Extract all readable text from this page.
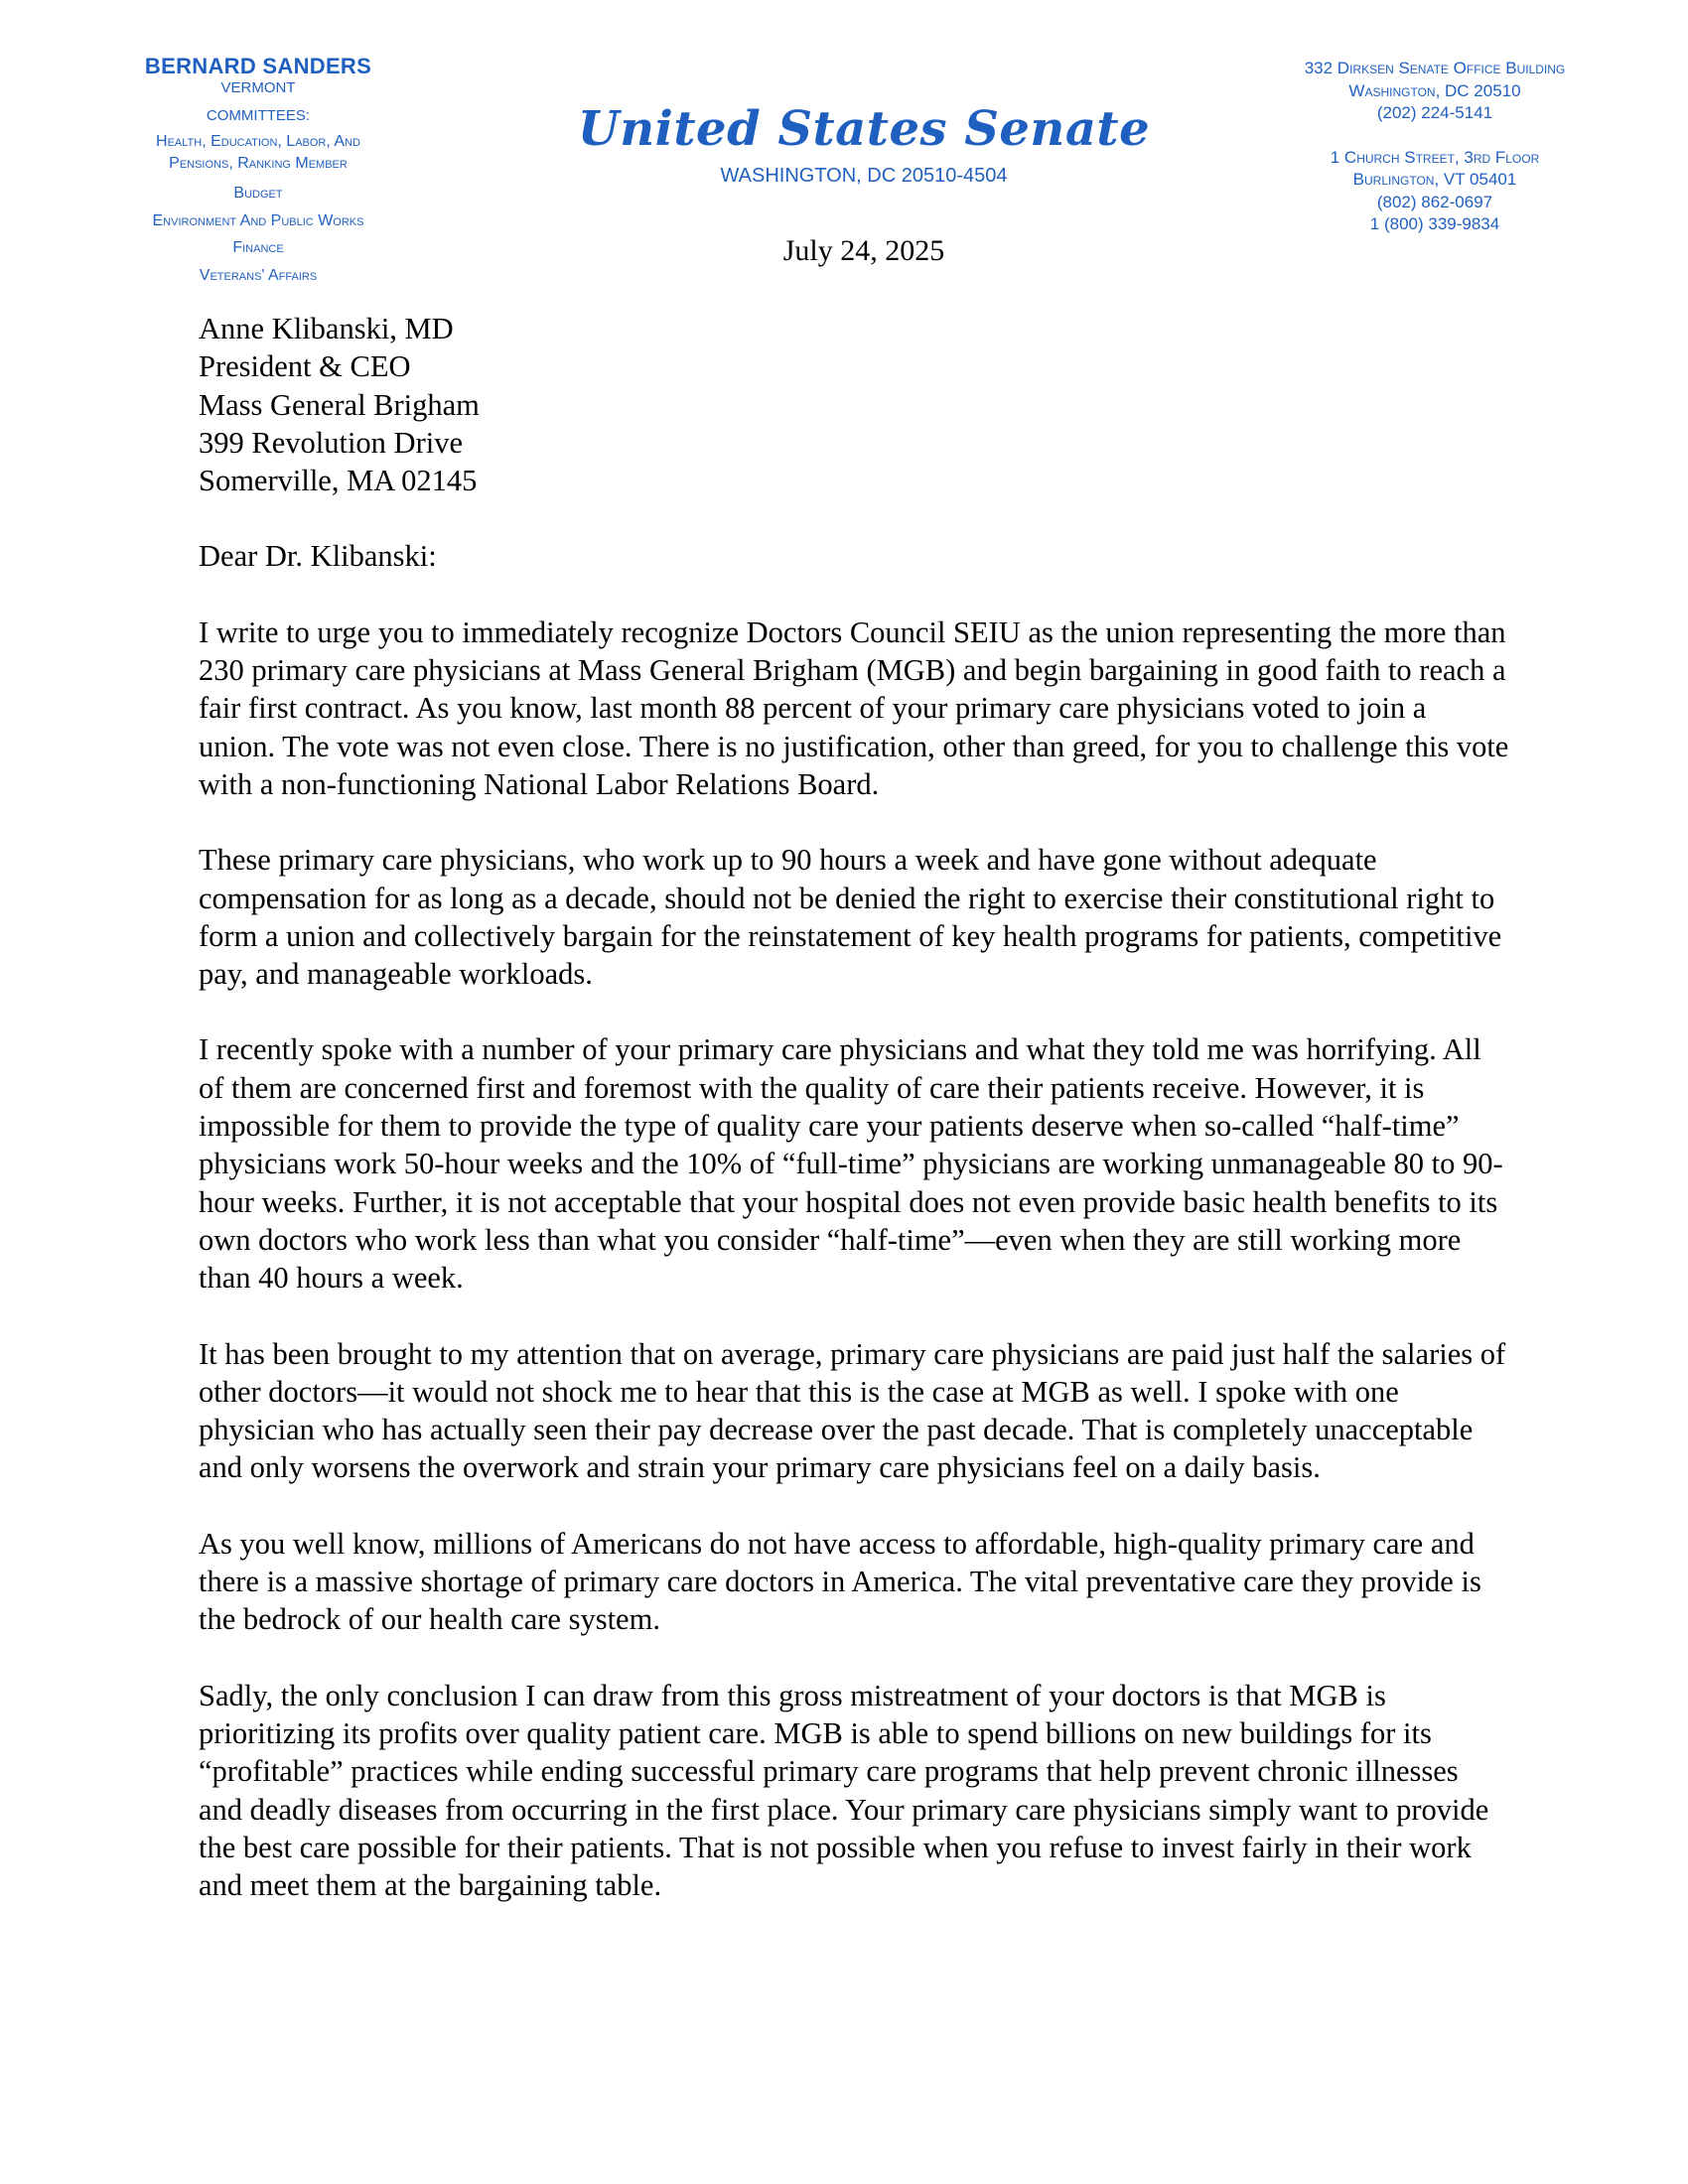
BERNARD SANDERS
VERMONT
COMMITTEES:
Health, Education, Labor, And
Pensions, Ranking Member
Budget
Environment And Public Works
Finance
Veterans' Affairs
United States Senate
WASHINGTON, DC 20510-4504
332 Dirksen Senate Office Building
Washington, DC 20510
(202) 224-5141
1 Church Street, 3rd Floor
Burlington, VT 05401
(802) 862-0697
1 (800) 339-9834
July 24, 2025
Anne Klibanski, MD
President & CEO
Mass General Brigham
399 Revolution Drive
Somerville, MA 02145
Dear Dr. Klibanski:

I write to urge you to immediately recognize Doctors Council SEIU as the union representing the more than 230 primary care physicians at Mass General Brigham (MGB) and begin bargaining in good faith to reach a fair first contract. As you know, last month 88 percent of your primary care physicians voted to join a union. The vote was not even close. There is no justification, other than greed, for you to challenge this vote with a non-functioning National Labor Relations Board.

These primary care physicians, who work up to 90 hours a week and have gone without adequate compensation for as long as a decade, should not be denied the right to exercise their constitutional right to form a union and collectively bargain for the reinstatement of key health programs for patients, competitive pay, and manageable workloads.

I recently spoke with a number of your primary care physicians and what they told me was horrifying. All of them are concerned first and foremost with the quality of care their patients receive. However, it is impossible for them to provide the type of quality care your patients deserve when so-called “half-time” physicians work 50-hour weeks and the 10% of “full-time” physicians are working unmanageable 80 to 90-hour weeks. Further, it is not acceptable that your hospital does not even provide basic health benefits to its own doctors who work less than what you consider “half-time”—even when they are still working more than 40 hours a week.

It has been brought to my attention that on average, primary care physicians are paid just half the salaries of other doctors—it would not shock me to hear that this is the case at MGB as well. I spoke with one physician who has actually seen their pay decrease over the past decade. That is completely unacceptable and only worsens the overwork and strain your primary care physicians feel on a daily basis.

As you well know, millions of Americans do not have access to affordable, high-quality primary care and there is a massive shortage of primary care doctors in America. The vital preventative care they provide is the bedrock of our health care system.

Sadly, the only conclusion I can draw from this gross mistreatment of your doctors is that MGB is prioritizing its profits over quality patient care. MGB is able to spend billions on new buildings for its “profitable” practices while ending successful primary care programs that help prevent chronic illnesses and deadly diseases from occurring in the first place. Your primary care physicians simply want to provide the best care possible for their patients. That is not possible when you refuse to invest fairly in their work and meet them at the bargaining table.
